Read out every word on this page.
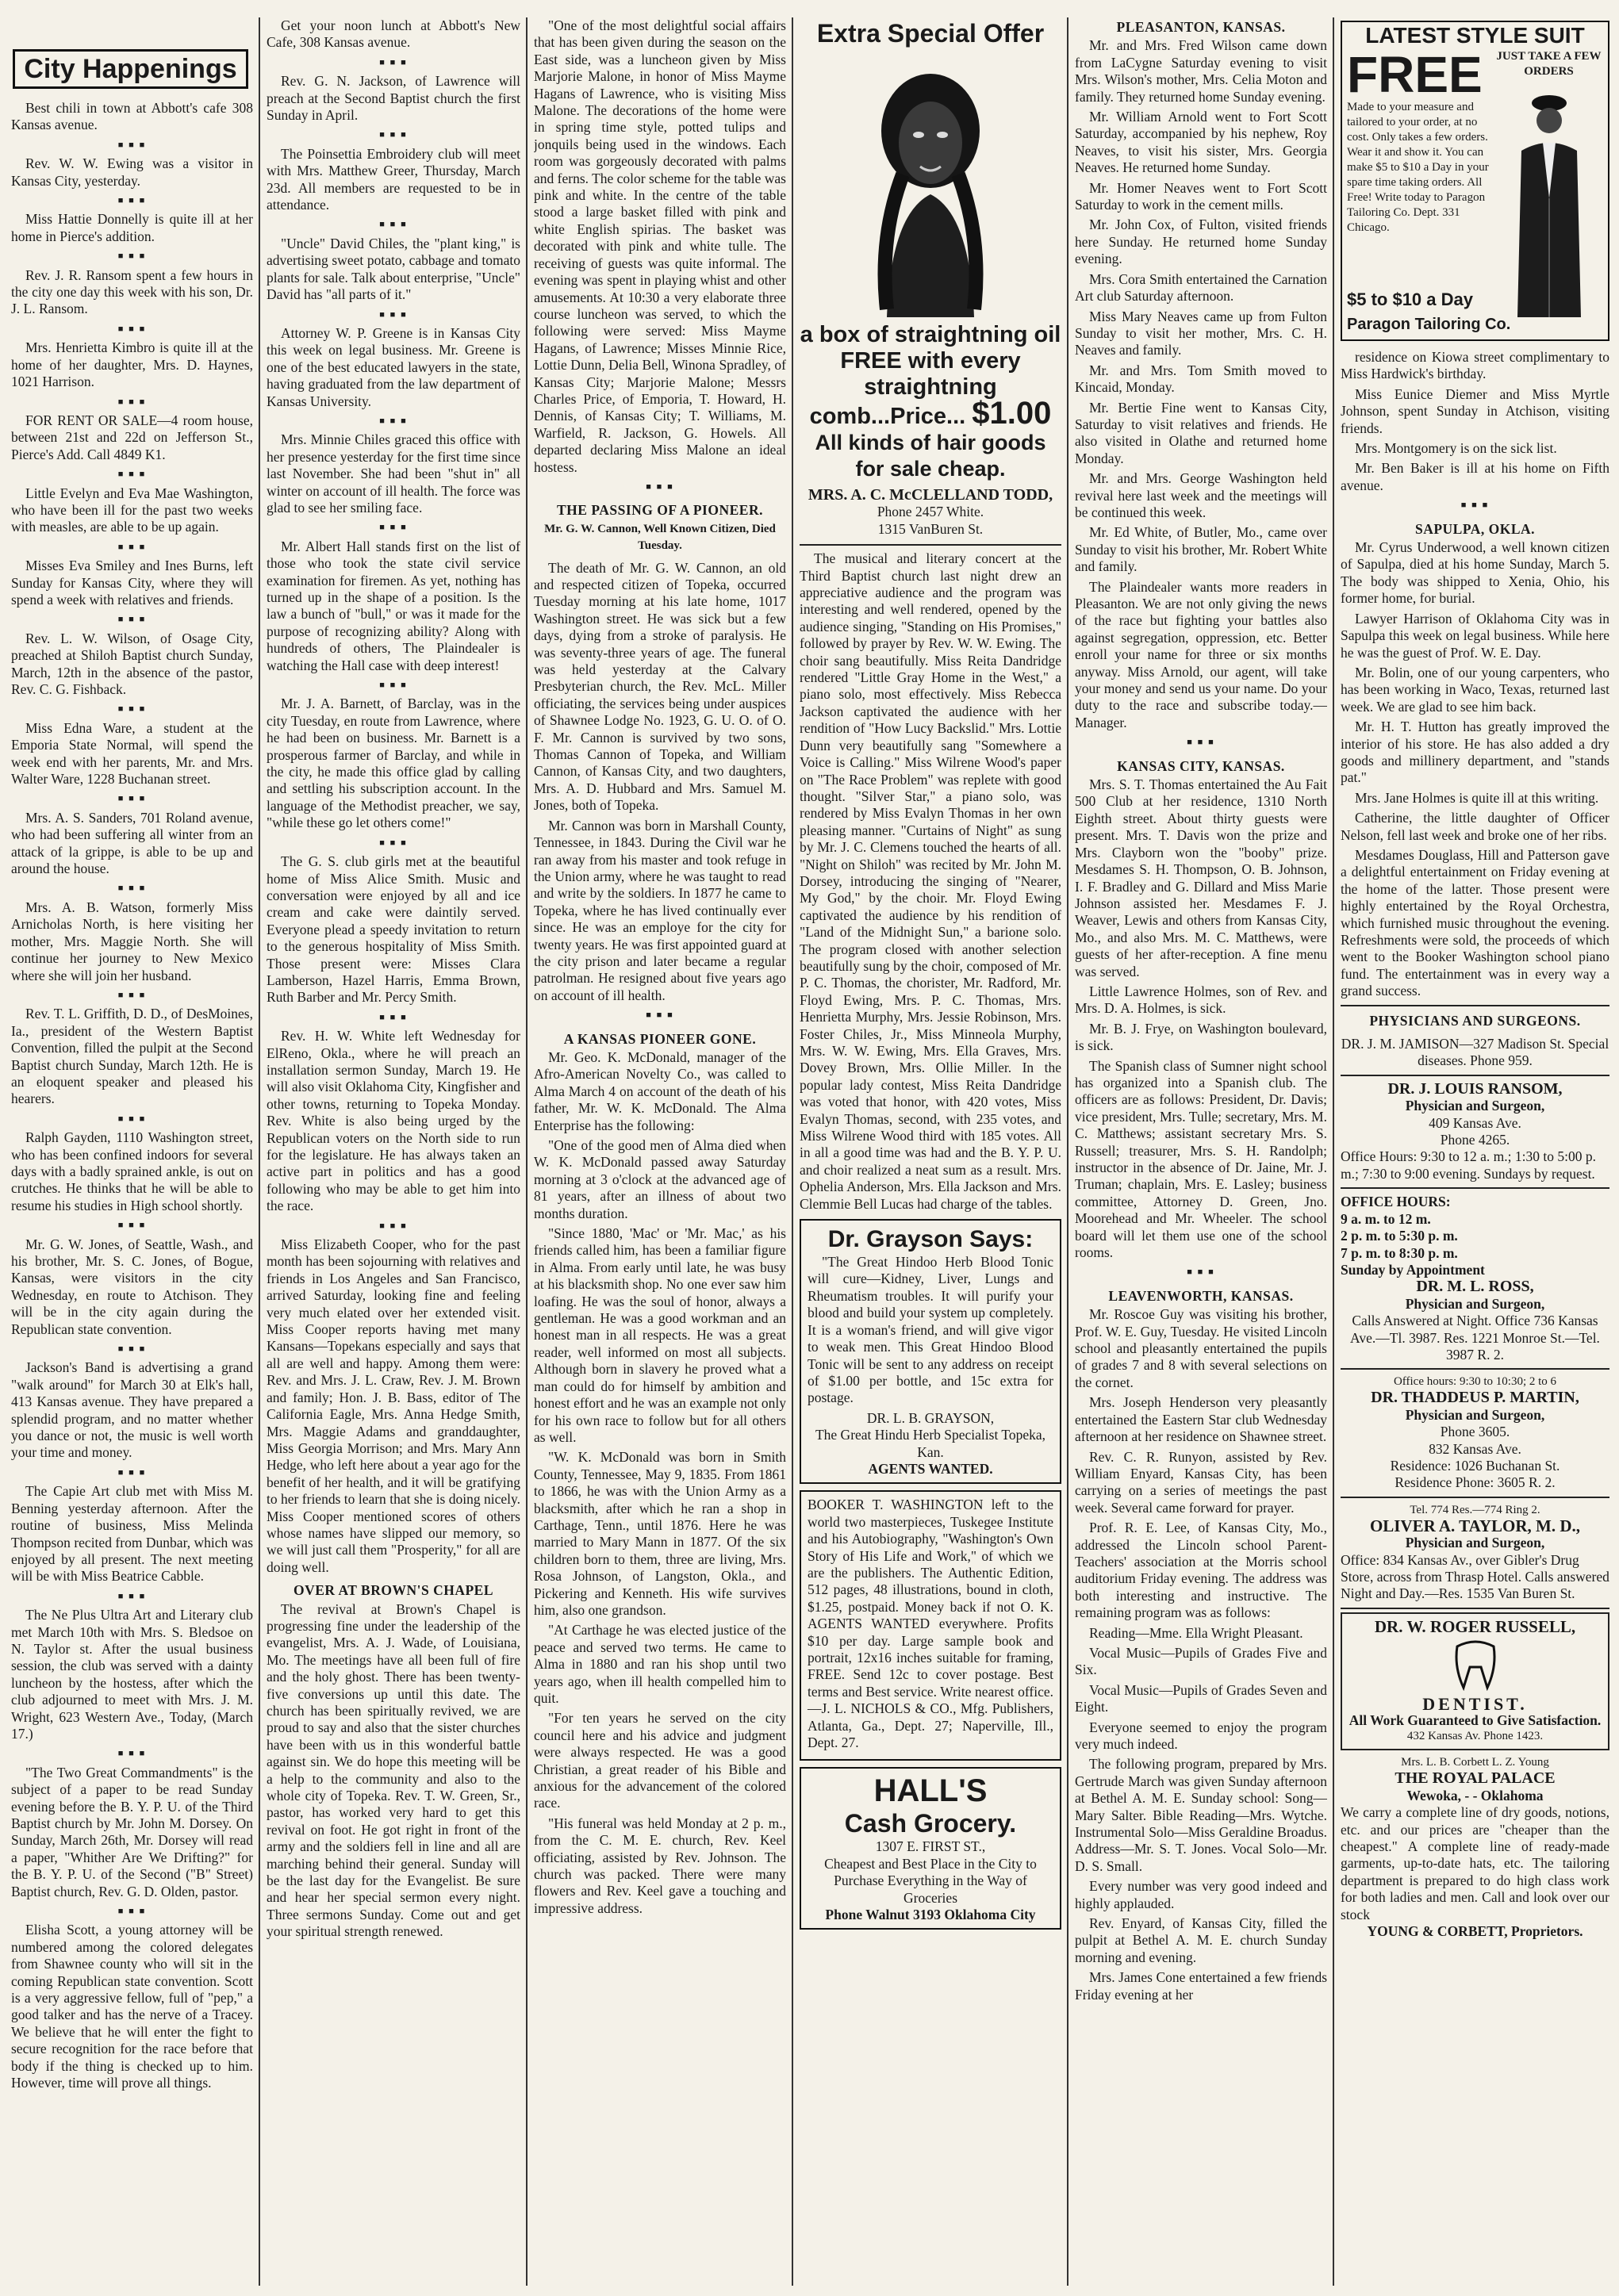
City Happenings

Best chili in town at Abbott's cafe 308 Kansas avenue.

■ ■ ■

Rev. W. W. Ewing was a visitor in Kansas City, yesterday.

■ ■ ■

Miss Hattie Donnelly is quite ill at her home in Pierce's addition.

■ ■ ■

Rev. J. R. Ransom spent a few hours in the city one day this week with his son, Dr. J. L. Ransom.

■ ■ ■

Mrs. Henrietta Kimbro is quite ill at the home of her daughter, Mrs. D. Haynes, 1021 Harrison.

■ ■ ■

FOR RENT OR SALE—4 room house, between 21st and 22d on Jefferson St., Pierce's Add. Call 4849 K1.

■ ■ ■

Little Evelyn and Eva Mae Washington, who have been ill for the past two weeks with measles, are able to be up again.

■ ■ ■

Misses Eva Smiley and Ines Burns, left Sunday for Kansas City, where they will spend a week with relatives and friends.

■ ■ ■

Rev. L. W. Wilson, of Osage City, preached at Shiloh Baptist church Sunday, March, 12th in the absence of the pastor, Rev. C. G. Fishback.

■ ■ ■

Miss Edna Ware, a student at the Emporia State Normal, will spend the week end with her parents, Mr. and Mrs. Walter Ware, 1228 Buchanan street.

■ ■ ■

Mrs. A. S. Sanders, 701 Roland avenue, who had been suffering all winter from an attack of la grippe, is able to be up and around the house.

■ ■ ■

Mrs. A. B. Watson, formerly Miss Arnicholas North, is here visiting her mother, Mrs. Maggie North. She will continue her journey to New Mexico where she will join her husband.

■ ■ ■

Rev. T. L. Griffith, D. D., of DesMoines, Ia., president of the Western Baptist Convention, filled the pulpit at the Second Baptist church Sunday, March 12th. He is an eloquent speaker and pleased his hearers.

■ ■ ■

Ralph Gayden, 1110 Washington street, who has been confined indoors for several days with a badly sprained ankle, is out on crutches. He thinks that he will be able to resume his studies in High school shortly.

■ ■ ■

Mr. G. W. Jones, of Seattle, Wash., and his brother, Mr. S. C. Jones, of Bogue, Kansas, were visitors in the city Wednesday, en route to Atchison. They will be in the city again during the Republican state convention.

■ ■ ■

Jackson's Band is advertising a grand "walk around" for March 30 at Elk's hall, 413 Kansas avenue. They have prepared a splendid program, and no matter whether you dance or not, the music is well worth your time and money.

■ ■ ■

The Capie Art club met with Miss M. Benning yesterday afternoon. After the routine of business, Miss Melinda Thompson recited from Dunbar, which was enjoyed by all present. The next meeting will be with Miss Beatrice Cabble.

■ ■ ■

The Ne Plus Ultra Art and Literary club met March 10th with Mrs. S. Bledsoe on N. Taylor st. After the usual business session, the club was served with a dainty luncheon by the hostess, after which the club adjourned to meet with Mrs. J. M. Wright, 623 Western Ave., Today, (March 17.)

■ ■ ■

"The Two Great Commandments" is the subject of a paper to be read Sunday evening before the B. Y. P. U. of the Third Baptist church by Mr. John M. Dorsey. On Sunday, March 26th, Mr. Dorsey will read a paper, "Whither Are We Drifting?" for the B. Y. P. U. of the Second ("B" Street) Baptist church, Rev. G. D. Olden, pastor.

■ ■ ■

Elisha Scott, a young attorney will be numbered among the colored delegates from Shawnee county who will sit in the coming Republican state convention. Scott is a very aggressive fellow, full of "pep," a good talker and has the nerve of a Tracey. We believe that he will enter the fight to secure recognition for the race before that body if the thing is checked up to him. However, time will prove all things.

Get your noon lunch at Abbott's New Cafe, 308 Kansas avenue.

■ ■ ■

Rev. G. N. Jackson, of Lawrence will preach at the Second Baptist church the first Sunday in April.

■ ■ ■

The Poinsettia Embroidery club will meet with Mrs. Matthew Greer, Thursday, March 23d. All members are requested to be in attendance.

■ ■ ■

"Uncle" David Chiles, the "plant king," is advertising sweet potato, cabbage and tomato plants for sale. Talk about enterprise, "Uncle" David has "all parts of it."

■ ■ ■

Attorney W. P. Greene is in Kansas City this week on legal business. Mr. Greene is one of the best educated lawyers in the state, having graduated from the law department of Kansas University.

■ ■ ■

Mrs. Minnie Chiles graced this office with her presence yesterday for the first time since last November. She had been "shut in" all winter on account of ill health. The force was glad to see her smiling face.

■ ■ ■

Mr. Albert Hall stands first on the list of those who took the state civil service examination for firemen. As yet, nothing has turned up in the shape of a position. Is the law a bunch of "bull," or was it made for the purpose of recognizing ability? Along with hundreds of others, The Plaindealer is watching the Hall case with deep interest!

■ ■ ■

Mr. J. A. Barnett, of Barclay, was in the city Tuesday, en route from Lawrence, where he had been on business. Mr. Barnett is a prosperous farmer of Barclay, and while in the city, he made this office glad by calling and settling his subscription account. In the language of the Methodist preacher, we say, "while these go let others come!"

■ ■ ■

The G. S. club girls met at the beautiful home of Miss Alice Smith. Music and conversation were enjoyed by all and ice cream and cake were daintily served. Everyone plead a speedy invitation to return to the generous hospitality of Miss Smith. Those present were: Misses Clara Lamberson, Hazel Harris, Emma Brown, Ruth Barber and Mr. Percy Smith.

■ ■ ■

Rev. H. W. White left Wednesday for ElReno, Okla., where he will preach an installation sermon Sunday, March 19. He will also visit Oklahoma City, Kingfisher and other towns, returning to Topeka Monday. Rev. White is also being urged by the Republican voters on the North side to run for the legislature. He has always taken an active part in politics and has a good following who may be able to get him into the race.

■ ■ ■

Miss Elizabeth Cooper, who for the past month has been sojourning with relatives and friends in Los Angeles and San Francisco, arrived Saturday, looking fine and feeling very much elated over her extended visit. Miss Cooper reports having met many Kansans—Topekans especially and says that all are well and happy. Among them were: Rev. and Mrs. J. L. Craw, Rev. J. M. Brown and family; Hon. J. B. Bass, editor of The California Eagle, Mrs. Anna Hedge Smith, Mrs. Maggie Adams and granddaughter, Miss Georgia Morrison; and Mrs. Mary Ann Hedge, who left here about a year ago for the benefit of her health, and it will be gratifying to her friends to learn that she is doing nicely. Miss Cooper mentioned scores of others whose names have slipped our memory, so we will just call them "Prosperity," for all are doing well.

OVER AT BROWN'S CHAPEL

The revival at Brown's Chapel is progressing fine under the leadership of the evangelist, Mrs. A. J. Wade, of Louisiana, Mo. The meetings have all been full of fire and the holy ghost. There has been twenty-five conversions up until this date. The church has been spiritually revived, we are proud to say and also that the sister churches have been with us in this wonderful battle against sin. We do hope this meeting will be a help to the community and also to the whole city of Topeka. Rev. T. W. Green, Sr., pastor, has worked very hard to get this revival on foot. He got right in front of the army and the soldiers fell in line and all are marching behind their general. Sunday will be the last day for the Evangelist. Be sure and hear her special sermon every night. Three sermons Sunday. Come out and get your spiritual strength renewed.

"One of the most delightful social affairs that has been given during the season on the East side, was a luncheon given by Miss Marjorie Malone, in honor of Miss Mayme Hagans of Lawrence, who is visiting Miss Malone. The decorations of the home were in spring time style, potted tulips and jonquils being used in the windows. Each room was gorgeously decorated with palms and ferns. The color scheme for the table was pink and white. In the centre of the table stood a large basket filled with pink and white English spirias. The basket was decorated with pink and white tulle. The receiving of guests was quite informal. The evening was spent in playing whist and other amusements. At 10:30 a very elaborate three course luncheon was served, to which the following were served: Miss Mayme Hagans, of Lawrence; Misses Minnie Rice, Lottie Dunn, Delia Bell, Winona Spradley, of Kansas City; Marjorie Malone; Messrs Charles Price, of Emporia, T. Howard, H. Dennis, of Kansas City; T. Williams, M. Warfield, R. Jackson, G. Howels. All departed declaring Miss Malone an ideal hostess.

■ ■ ■
THE PASSING OF A PIONEER.
Mr. G. W. Cannon, Well Known Citizen, Died Tuesday.

The death of Mr. G. W. Cannon, an old and respected citizen of Topeka, occurred Tuesday morning at his late home, 1017 Washington street. He was sick but a few days, dying from a stroke of paralysis. He was seventy-three years of age. The funeral was held yesterday at the Calvary Presbyterian church, the Rev. McL. Miller officiating, the services being under auspices of Shawnee Lodge No. 1923, G. U. O. of O. F. Mr. Cannon is survived by two sons, Thomas Cannon of Topeka, and William Cannon, of Kansas City, and two daughters, Mrs. A. D. Hubbard and Mrs. Samuel M. Jones, both of Topeka.

Mr. Cannon was born in Marshall County, Tennessee, in 1843. During the Civil war he ran away from his master and took refuge in the Union army, where he was taught to read and write by the soldiers. In 1877 he came to Topeka, where he has lived continually ever since. He was an employe for the city for twenty years. He was first appointed guard at the city prison and later became a regular patrolman. He resigned about five years ago on account of ill health.

■ ■ ■
A KANSAS PIONEER GONE.

Mr. Geo. K. McDonald, manager of the Afro-American Novelty Co., was called to Alma March 4 on account of the death of his father, Mr. W. K. McDonald. The Alma Enterprise has the following:

"One of the good men of Alma died when W. K. McDonald passed away Saturday morning at 3 o'clock at the advanced age of 81 years, after an illness of about two months duration.

"Since 1880, 'Mac' or 'Mr. Mac,' as his friends called him, has been a familiar figure in Alma. From early until late, he was busy at his blacksmith shop. No one ever saw him loafing. He was the soul of honor, always a gentleman. He was a good workman and an honest man in all respects. He was a great reader, well informed on most all subjects. Although born in slavery he proved what a man could do for himself by ambition and honest effort and he was an example not only for his own race to follow but for all others as well.

"W. K. McDonald was born in Smith County, Tennessee, May 9, 1835. From 1861 to 1866, he was with the Union Army as a blacksmith, after which he ran a shop in Carthage, Tenn., until 1876. Here he was married to Mary Mann in 1877. Of the six children born to them, three are living, Mrs. Rosa Johnson, of Langston, Okla., and Pickering and Kenneth. His wife survives him, also one grandson.

"At Carthage he was elected justice of the peace and served two terms. He came to Alma in 1880 and ran his shop until two years ago, when ill health compelled him to quit.

"For ten years he served on the city council here and his advice and judgment were always respected. He was a good Christian, a great reader of his Bible and anxious for the advancement of the colored race.

"His funeral was held Monday at 2 p. m., from the C. M. E. church, Rev. Keel officiating, assisted by Rev. Johnson. The church was packed. There were many flowers and Rev. Keel gave a touching and impressive address.

Extra Special Offer
a box of straightning oil FREE with every straightning comb...Price... $1.00
All kinds of hair goods for sale cheap.
MRS. A. C. McCLELLAND TODD,
Phone 2457 White.
1315 VanBuren St.

The musical and literary concert at the Third Baptist church last night drew an appreciative audience and the program was interesting and well rendered, opened by the audience singing, "Standing on His Promises," followed by prayer by Rev. W. W. Ewing. The choir sang beautifully. Miss Reita Dandridge rendered "Little Gray Home in the West," a piano solo, most effectively. Miss Rebecca Jackson captivated the audience with her rendition of "How Lucy Backslid." Mrs. Lottie Dunn very beautifully sang "Somewhere a Voice is Calling." Miss Wilrene Wood's paper on "The Race Problem" was replete with good thought. "Silver Star," a piano solo, was rendered by Miss Evalyn Thomas in her own pleasing manner. "Curtains of Night" as sung by Mr. J. C. Clemens touched the hearts of all. "Night on Shiloh" was recited by Mr. John M. Dorsey, introducing the singing of "Nearer, My God," by the choir. Mr. Floyd Ewing captivated the audience by his rendition of "Land of the Midnight Sun," a barione solo. The program closed with another selection beautifully sung by the choir, composed of Mr. P. C. Thomas, the chorister, Mr. Radford, Mr. Floyd Ewing, Mrs. P. C. Thomas, Mrs. Henrietta Murphy, Mrs. Jessie Robinson, Mrs. Foster Chiles, Jr., Miss Minneola Murphy, Mrs. W. W. Ewing, Mrs. Ella Graves, Mrs. Dovey Brown, Mrs. Ollie Miller. In the popular lady contest, Miss Reita Dandridge was voted that honor, with 420 votes, Miss Evalyn Thomas, second, with 235 votes, and Miss Wilrene Wood third with 185 votes. All in all a good time was had and the B. Y. P. U. and choir realized a neat sum as a result. Mrs. Ophelia Anderson, Mrs. Ella Jackson and Mrs. Clemmie Bell Lucas had charge of the tables.

Dr. Grayson Says:

"The Great Hindoo Herb Blood Tonic will cure—Kidney, Liver, Lungs and Rheumatism troubles. It will purify your blood and build your system up completely. It is a woman's friend, and will give vigor to weak men. This Great Hindoo Blood Tonic will be sent to any address on receipt of $1.00 per bottle, and 15c extra for postage.

DR. L. B. GRAYSON,
The Great Hindu Herb Specialist Topeka, Kan.
AGENTS WANTED.

BOOKER T. WASHINGTON left to the world two masterpieces, Tuskegee Institute and his Autobiography, "Washington's Own Story of His Life and Work," of which we are the publishers. The Authentic Edition, 512 pages, 48 illustrations, bound in cloth, $1.25, postpaid. Money back if not O. K. AGENTS WANTED everywhere. Profits $10 per day. Large sample book and portrait, 12x16 inches suitable for framing, FREE. Send 12c to cover postage. Best terms and Best service. Write nearest office.—J. L. NICHOLS & CO., Mfg. Publishers, Atlanta, Ga., Dept. 27; Naperville, Ill., Dept. 27.

HALL'S
Cash Grocery.
1307 E. FIRST ST.,
Cheapest and Best Place in the City to Purchase Everything in the Way of Groceries
Phone Walnut 3193 Oklahoma City
PLEASANTON, KANSAS.

Mr. and Mrs. Fred Wilson came down from LaCygne Saturday evening to visit Mrs. Wilson's mother, Mrs. Celia Moton and family. They returned home Sunday evening.

Mr. William Arnold went to Fort Scott Saturday, accompanied by his nephew, Roy Neaves, to visit his sister, Mrs. Georgia Neaves. He returned home Sunday.

Mr. Homer Neaves went to Fort Scott Saturday to work in the cement mills.

Mr. John Cox, of Fulton, visited friends here Sunday. He returned home Sunday evening.

Mrs. Cora Smith entertained the Carnation Art club Saturday afternoon.

Miss Mary Neaves came up from Fulton Sunday to visit her mother, Mrs. C. H. Neaves and family.

Mr. and Mrs. Tom Smith moved to Kincaid, Monday.

Mr. Bertie Fine went to Kansas City, Saturday to visit relatives and friends. He also visited in Olathe and returned home Monday.

Mr. and Mrs. George Washington held revival here last week and the meetings will be continued this week.

Mr. Ed White, of Butler, Mo., came over Sunday to visit his brother, Mr. Robert White and family.

The Plaindealer wants more readers in Pleasanton. We are not only giving the news of the race but fighting your battles also against segregation, oppression, etc. Better enroll your name for three or six months anyway. Miss Arnold, our agent, will take your money and send us your name. Do your duty to the race and subscribe today.—Manager.

■ ■ ■
KANSAS CITY, KANSAS.

Mrs. S. T. Thomas entertained the Au Fait 500 Club at her residence, 1310 North Eighth street. About thirty guests were present. Mrs. T. Davis won the prize and Mrs. Clayborn won the "booby" prize. Mesdames S. H. Thompson, O. B. Johnson, I. F. Bradley and G. Dillard and Miss Marie Johnson assisted her. Mesdames F. J. Weaver, Lewis and others from Kansas City, Mo., and also Mrs. M. C. Matthews, were guests of her after-reception. A fine menu was served.

Little Lawrence Holmes, son of Rev. and Mrs. D. A. Holmes, is sick.

Mr. B. J. Frye, on Washington boulevard, is sick.

The Spanish class of Sumner night school has organized into a Spanish club. The officers are as follows: President, Dr. Davis; vice president, Mrs. Tulle; secretary, Mrs. M. C. Matthews; assistant secretary Mrs. S. Russell; treasurer, Mrs. S. H. Randolph; instructor in the absence of Dr. Jaine, Mr. J. Truman; chaplain, Mrs. E. Lasley; business committee, Attorney D. Green, Jno. Moorehead and Mr. Wheeler. The school board will let them use one of the school rooms.

■ ■ ■
LEAVENWORTH, KANSAS.

Mr. Roscoe Guy was visiting his brother, Prof. W. E. Guy, Tuesday. He visited Lincoln school and pleasantly entertained the pupils of grades 7 and 8 with several selections on the cornet.

Mrs. Joseph Henderson very pleasantly entertained the Eastern Star club Wednesday afternoon at her residence on Shawnee street.

Rev. C. R. Runyon, assisted by Rev. William Enyard, Kansas City, has been carrying on a series of meetings the past week. Several came forward for prayer.

Prof. R. E. Lee, of Kansas City, Mo., addressed the Lincoln school Parent-Teachers' association at the Morris school auditorium Friday evening. The address was both interesting and instructive. The remaining program was as follows:

Reading—Mme. Ella Wright Pleasant.

Vocal Music—Pupils of Grades Five and Six.

Vocal Music—Pupils of Grades Seven and Eight.

Everyone seemed to enjoy the program very much indeed.

The following program, prepared by Mrs. Gertrude March was given Sunday afternoon at Bethel A. M. E. Sunday school: Song—Mary Salter. Bible Reading—Mrs. Wytche. Instrumental Solo—Miss Geraldine Broadus. Address—Mr. S. T. Jones. Vocal Solo—Mr. D. S. Small.

Every number was very good indeed and highly applauded.

Rev. Enyard, of Kansas City, filled the pulpit at Bethel A. M. E. church Sunday morning and evening.

Mrs. James Cone entertained a few friends Friday evening at her

LATEST STYLE SUIT
FREE
Made to your measure and tailored to your order, at no cost. Only takes a few orders. Wear it and show it. You can make $5 to $10 a Day in your spare time taking orders. All Free! Write today to Paragon Tailoring Co. Dept. 331 Chicago.
JUST TAKE A FEW ORDERS
$5 to $10 a Day
Paragon Tailoring Co.

residence on Kiowa street complimentary to Miss Hardwick's birthday.

Miss Eunice Diemer and Miss Myrtle Johnson, spent Sunday in Atchison, visiting friends.

Mrs. Montgomery is on the sick list.

Mr. Ben Baker is ill at his home on Fifth avenue.

■ ■ ■
SAPULPA, OKLA.

Mr. Cyrus Underwood, a well known citizen of Sapulpa, died at his home Sunday, March 5. The body was shipped to Xenia, Ohio, his former home, for burial.

Lawyer Harrison of Oklahoma City was in Sapulpa this week on legal business. While here he was the guest of Prof. W. E. Day.

Mr. Bolin, one of our young carpenters, who has been working in Waco, Texas, returned last week. We are glad to see him back.

Mr. H. T. Hutton has greatly improved the interior of his store. He has also added a dry goods and millinery department, and "stands pat."

Mrs. Jane Holmes is quite ill at this writing.

Catherine, the little daughter of Officer Nelson, fell last week and broke one of her ribs.

Mesdames Douglass, Hill and Patterson gave a delightful entertainment on Friday evening at the home of the latter. Those present were highly entertained by the Royal Orchestra, which furnished music throughout the evening. Refreshments were sold, the proceeds of which went to the Booker Washington school piano fund. The entertainment was in every way a grand success.

PHYSICIANS AND SURGEONS.
DR. J. M. JAMISON—327 Madison St. Special diseases. Phone 959.
DR. J. LOUIS RANSOM,
Physician and Surgeon,
409 Kansas Ave.
Phone 4265.
Office Hours: 9:30 to 12 a. m.; 1:30 to 5:00 p. m.; 7:30 to 9:00 evening. Sundays by request.
OFFICE HOURS:
9 a. m. to 12 m.
2 p. m. to 5:30 p. m.
7 p. m. to 8:30 p. m.
Sunday by Appointment
DR. M. L. ROSS,
Physician and Surgeon,
Calls Answered at Night. Office 736 Kansas Ave.—Tl. 3987. Res. 1221 Monroe St.—Tel. 3987 R. 2.
Office hours: 9:30 to 10:30; 2 to 6
DR. THADDEUS P. MARTIN,
Physician and Surgeon,
Phone 3605.
832 Kansas Ave.
Residence: 1026 Buchanan St.
Residence Phone: 3605 R. 2.
Tel. 774 Res.—774 Ring 2.
OLIVER A. TAYLOR, M. D.,
Physician and Surgeon,
Office: 834 Kansas Av., over Gibler's Drug Store, across from Thrasp Hotel. Calls answered Night and Day.—Res. 1535 Van Buren St.
DR. W. ROGER RUSSELL,
DENTIST.
All Work Guaranteed to Give Satisfaction.
432 Kansas Av. Phone 1423.
Mrs. L. B. Corbett L. Z. Young
THE ROYAL PALACE
Wewoka, - - Oklahoma
We carry a complete line of dry goods, notions, etc. and our prices are "cheaper than the cheapest." A complete line of ready-made garments, up-to-date hats, etc. The tailoring department is prepared to do high class work for both ladies and men. Call and look over our stock
YOUNG & CORBETT, Proprietors.
